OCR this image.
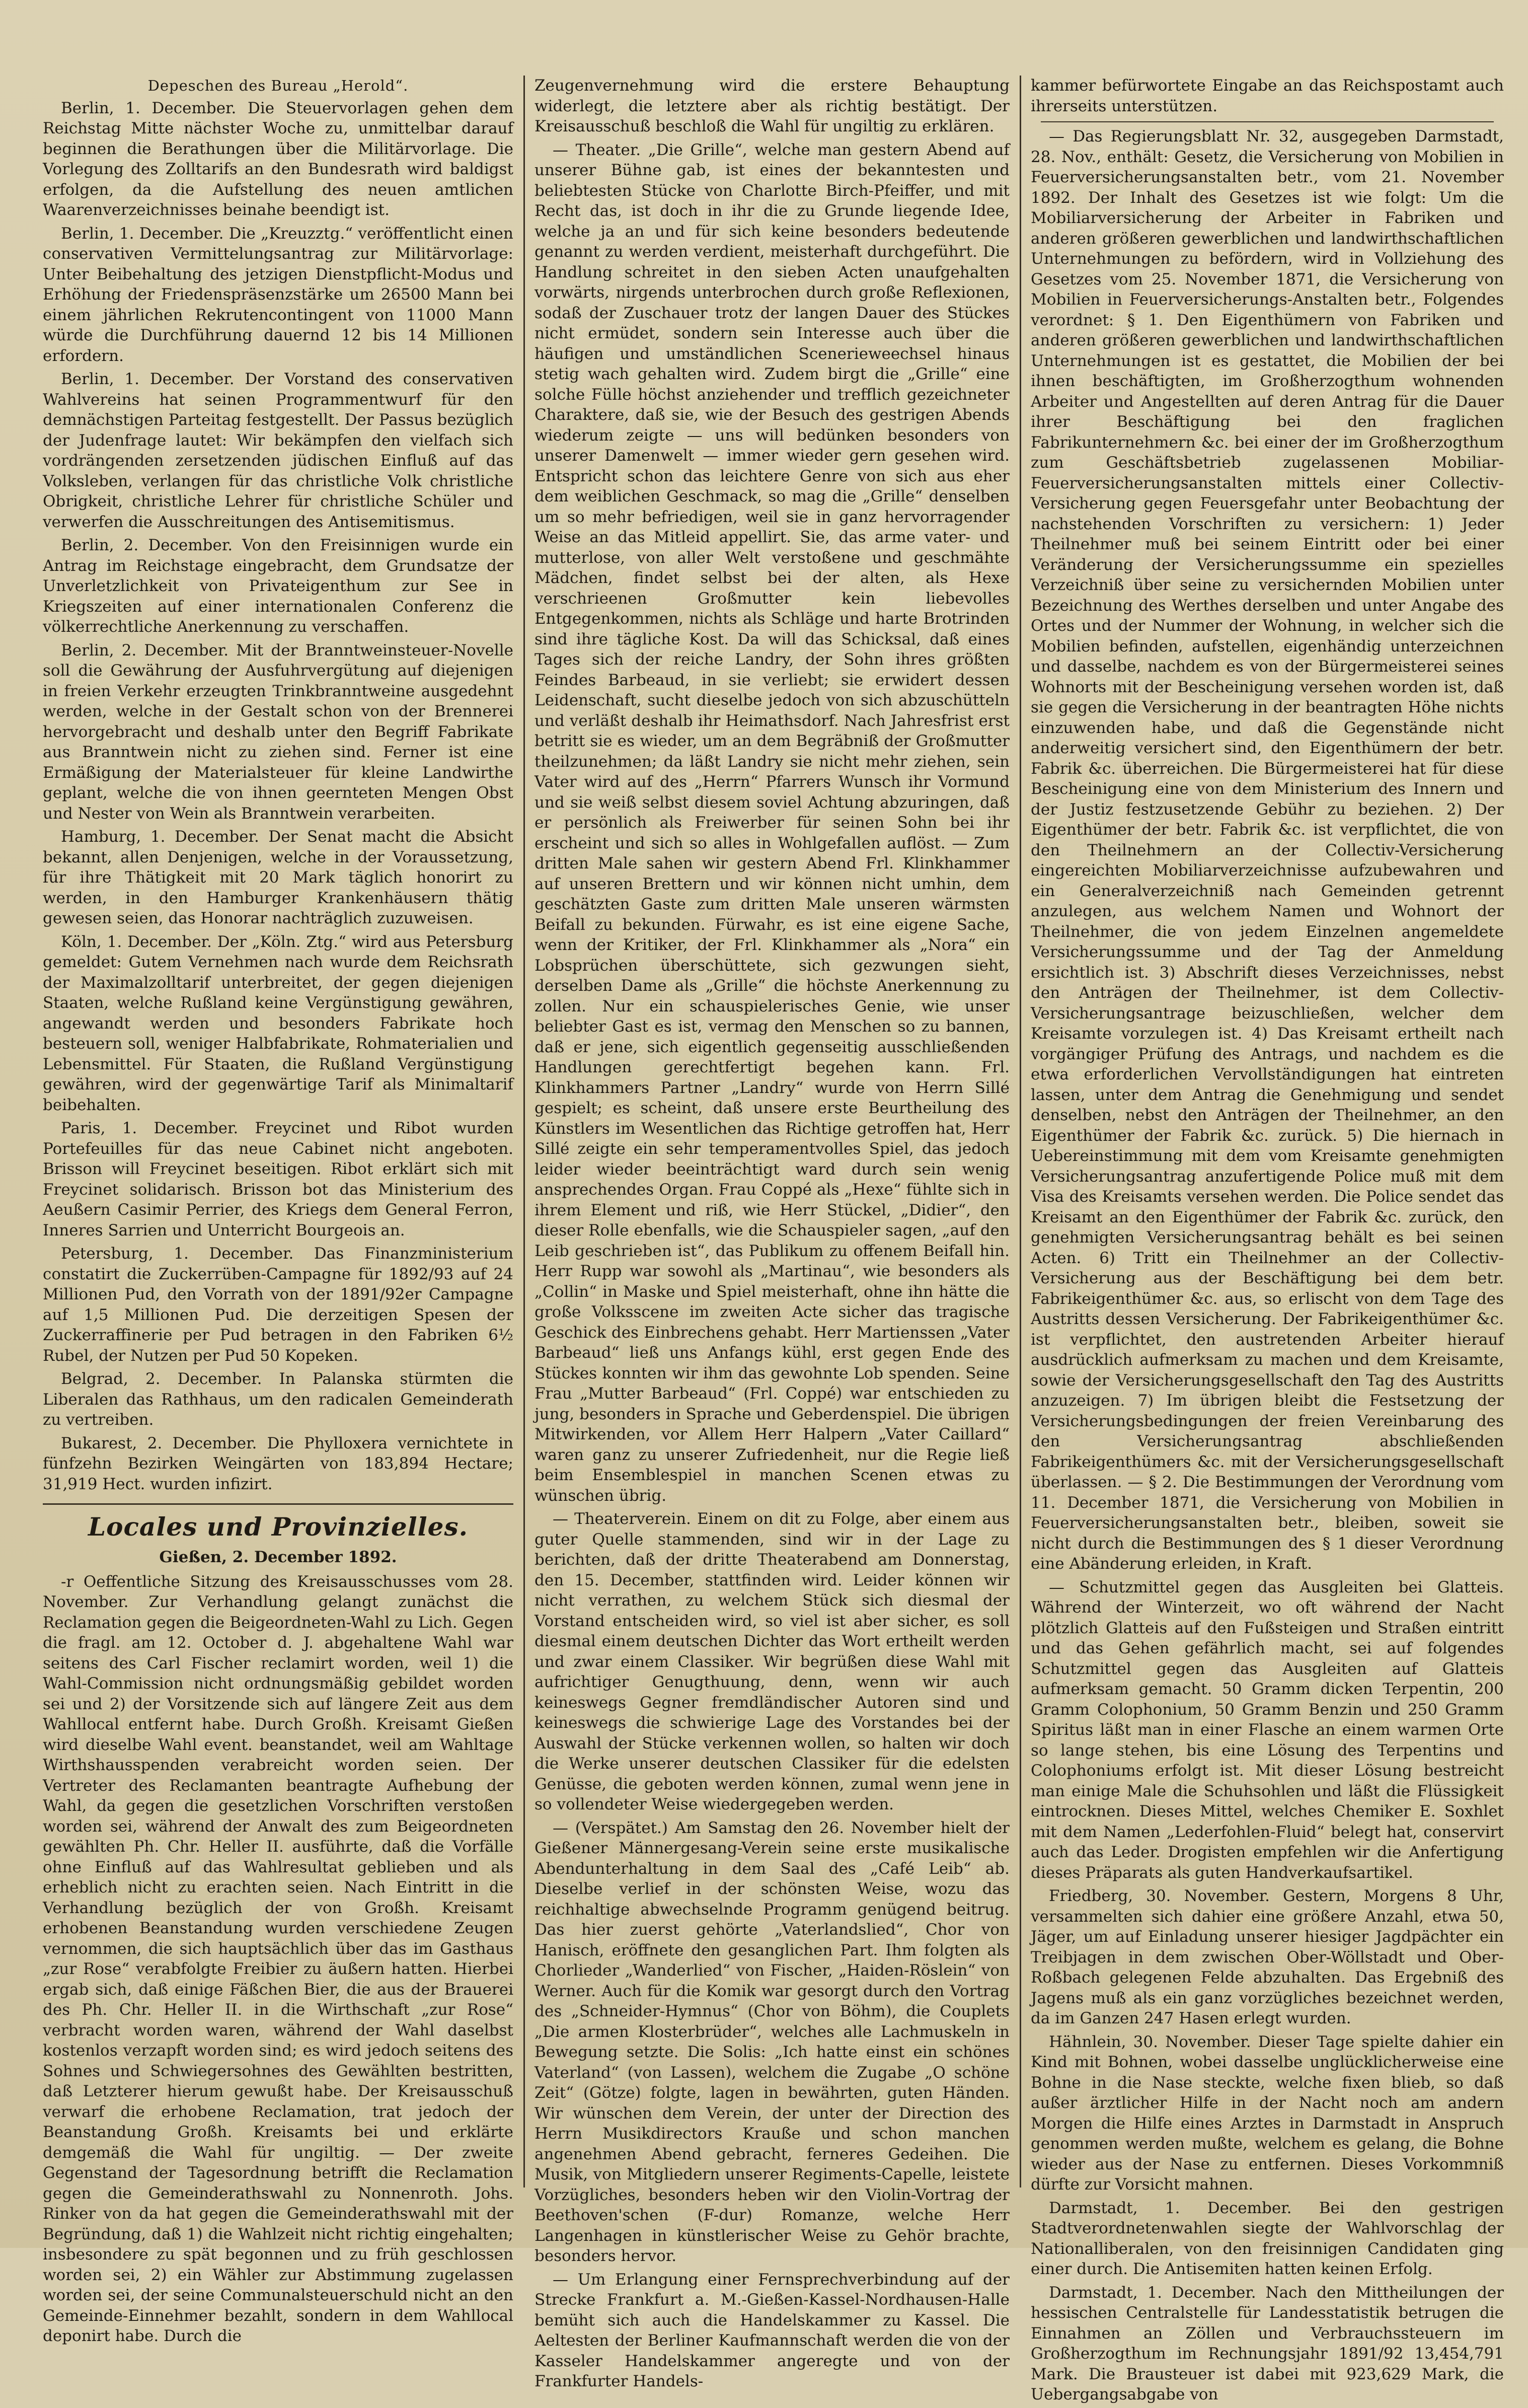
Depeschen des Bureau „Herold“.

Berlin, 1. December. Die Steuervorlagen gehen dem Reichstag Mitte nächster Woche zu, unmittelbar darauf beginnen die Berathungen über die Militärvorlage. Die Vorlegung des Zolltarifs an den Bundesrath wird baldigst erfolgen, da die Aufstellung des neuen amtlichen Waarenverzeichnisses beinahe beendigt ist.

Berlin, 1. December. Die „Kreuzztg.“ veröffentlicht einen conservativen Vermittelungsantrag zur Militärvorlage: Unter Beibehaltung des jetzigen Dienstpflicht-Modus und Erhöhung der Friedenspräsenzstärke um 26500 Mann bei einem jährlichen Rekrutencontingent von 11000 Mann würde die Durchführung dauernd 12 bis 14 Millionen erfordern.

Berlin, 1. December. Der Vorstand des conservativen Wahlvereins hat seinen Programmentwurf für den demnächstigen Parteitag festgestellt. Der Passus bezüglich der Judenfrage lautet: Wir bekämpfen den vielfach sich vordrängenden zersetzenden jüdischen Einfluß auf das Volksleben, verlangen für das christliche Volk christliche Obrigkeit, christliche Lehrer für christliche Schüler und verwerfen die Ausschreitungen des Antisemitismus.

Berlin, 2. December. Von den Freisinnigen wurde ein Antrag im Reichstage eingebracht, dem Grundsatze der Unverletzlichkeit von Privateigenthum zur See in Kriegszeiten auf einer internationalen Conferenz die völkerrechtliche Anerkennung zu verschaffen.

Berlin, 2. December. Mit der Branntweinsteuer-Novelle soll die Gewährung der Ausfuhrvergütung auf diejenigen in freien Verkehr erzeugten Trinkbranntweine ausgedehnt werden, welche in der Gestalt schon von der Brennerei hervorgebracht und deshalb unter den Begriff Fabrikate aus Branntwein nicht zu ziehen sind. Ferner ist eine Ermäßigung der Materialsteuer für kleine Landwirthe geplant, welche die von ihnen geernteten Mengen Obst und Nester von Wein als Branntwein verarbeiten.

Hamburg, 1. December. Der Senat macht die Absicht bekannt, allen Denjenigen, welche in der Voraussetzung, für ihre Thätigkeit mit 20 Mark täglich honorirt zu werden, in den Hamburger Krankenhäusern thätig gewesen seien, das Honorar nachträglich zuzuweisen.

Köln, 1. December. Der „Köln. Ztg.“ wird aus Petersburg gemeldet: Gutem Vernehmen nach wurde dem Reichsrath der Maximalzolltarif unterbreitet, der gegen diejenigen Staaten, welche Rußland keine Vergünstigung gewähren, angewandt werden und besonders Fabrikate hoch besteuern soll, weniger Halbfabrikate, Rohmaterialien und Lebensmittel. Für Staaten, die Rußland Vergünstigung gewähren, wird der gegenwärtige Tarif als Minimaltarif beibehalten.

Paris, 1. December. Freycinet und Ribot wurden Portefeuilles für das neue Cabinet nicht angeboten. Brisson will Freycinet beseitigen. Ribot erklärt sich mit Freycinet solidarisch. Brisson bot das Ministerium des Aeußern Casimir Perrier, des Kriegs dem General Ferron, Inneres Sarrien und Unterricht Bourgeois an.

Petersburg, 1. December. Das Finanzministerium constatirt die Zuckerrüben-Campagne für 1892/93 auf 24 Millionen Pud, den Vorrath von der 1891/92er Campagne auf 1,5 Millionen Pud. Die derzeitigen Spesen der Zuckerraffinerie per Pud betragen in den Fabriken 6½ Rubel, der Nutzen per Pud 50 Kopeken.

Belgrad, 2. December. In Palanska stürmten die Liberalen das Rathhaus, um den radicalen Gemeinderath zu vertreiben.

Bukarest, 2. December. Die Phylloxera vernichtete in fünfzehn Bezirken Weingärten von 183,894 Hectare; 31,919 Hect. wurden infizirt.

Locales und Provinzielles.

Gießen, 2. December 1892.

-r Oeffentliche Sitzung des Kreisausschusses vom 28. November. Zur Verhandlung gelangt zunächst die Reclamation gegen die Beigeordneten-Wahl zu Lich. Gegen die fragl. am 12. October d. J. abgehaltene Wahl war seitens des Carl Fischer reclamirt worden, weil 1) die Wahl-Commission nicht ordnungsmäßig gebildet worden sei und 2) der Vorsitzende sich auf längere Zeit aus dem Wahllocal entfernt habe. Durch Großh. Kreisamt Gießen wird dieselbe Wahl event. beanstandet, weil am Wahltage Wirthshausspenden verabreicht worden seien. Der Vertreter des Reclamanten beantragte Aufhebung der Wahl, da gegen die gesetzlichen Vorschriften verstoßen worden sei, während der Anwalt des zum Beigeordneten gewählten Ph. Chr. Heller II. ausführte, daß die Vorfälle ohne Einfluß auf das Wahlresultat geblieben und als erheblich nicht zu erachten seien. Nach Eintritt in die Verhandlung bezüglich der von Großh. Kreisamt erhobenen Beanstandung wurden verschiedene Zeugen vernommen, die sich hauptsächlich über das im Gasthaus „zur Rose“ verabfolgte Freibier zu äußern hatten. Hierbei ergab sich, daß einige Fäßchen Bier, die aus der Brauerei des Ph. Chr. Heller II. in die Wirthschaft „zur Rose“ verbracht worden waren, während der Wahl daselbst kostenlos verzapft worden sind; es wird jedoch seitens des Sohnes und Schwiegersohnes des Gewählten bestritten, daß Letzterer hierum gewußt habe. Der Kreisausschuß verwarf die erhobene Reclamation, trat jedoch der Beanstandung Großh. Kreisamts bei und erklärte demgemäß die Wahl für ungiltig. — Der zweite Gegenstand der Tagesordnung betrifft die Reclamation gegen die Gemeinderathswahl zu Nonnenroth. Johs. Rinker von da hat gegen die Gemeinderathswahl mit der Begründung, daß 1) die Wahlzeit nicht richtig eingehalten; insbesondere zu spät begonnen und zu früh geschlossen worden sei, 2) ein Wähler zur Abstimmung zugelassen worden sei, der seine Communalsteuerschuld nicht an den Gemeinde-Einnehmer bezahlt, sondern in dem Wahllocal deponirt habe. Durch die

Zeugenvernehmung wird die erstere Behauptung widerlegt, die letztere aber als richtig bestätigt. Der Kreisausschuß beschloß die Wahl für ungiltig zu erklären.

— Theater. „Die Grille“, welche man gestern Abend auf unserer Bühne gab, ist eines der bekanntesten und beliebtesten Stücke von Charlotte Birch-Pfeiffer, und mit Recht das, ist doch in ihr die zu Grunde liegende Idee, welche ja an und für sich keine besonders bedeutende genannt zu werden verdient, meisterhaft durchgeführt. Die Handlung schreitet in den sieben Acten unaufgehalten vorwärts, nirgends unterbrochen durch große Reflexionen, sodaß der Zuschauer trotz der langen Dauer des Stückes nicht ermüdet, sondern sein Interesse auch über die häufigen und umständlichen Scenerieweechsel hinaus stetig wach gehalten wird. Zudem birgt die „Grille“ eine solche Fülle höchst anziehender und trefflich gezeichneter Charaktere, daß sie, wie der Besuch des gestrigen Abends wiederum zeigte — uns will bedünken besonders von unserer Damenwelt — immer wieder gern gesehen wird. Entspricht schon das leichtere Genre von sich aus eher dem weiblichen Geschmack, so mag die „Grille“ denselben um so mehr befriedigen, weil sie in ganz hervorragender Weise an das Mitleid appellirt. Sie, das arme vater- und mutterlose, von aller Welt verstoßene und geschmähte Mädchen, findet selbst bei der alten, als Hexe verschrieenen Großmutter kein liebevolles Entgegenkommen, nichts als Schläge und harte Brotrinden sind ihre tägliche Kost. Da will das Schicksal, daß eines Tages sich der reiche Landry, der Sohn ihres größten Feindes Barbeaud, in sie verliebt; sie erwidert dessen Leidenschaft, sucht dieselbe jedoch von sich abzuschütteln und verläßt deshalb ihr Heimathsdorf. Nach Jahresfrist erst betritt sie es wieder, um an dem Begräbniß der Großmutter theilzunehmen; da läßt Landry sie nicht mehr ziehen, sein Vater wird auf des „Herrn“ Pfarrers Wunsch ihr Vormund und sie weiß selbst diesem soviel Achtung abzuringen, daß er persönlich als Freiwerber für seinen Sohn bei ihr erscheint und sich so alles in Wohlgefallen auflöst. — Zum dritten Male sahen wir gestern Abend Frl. Klinkhammer auf unseren Brettern und wir können nicht umhin, dem geschätzten Gaste zum dritten Male unseren wärmsten Beifall zu bekunden. Fürwahr, es ist eine eigene Sache, wenn der Kritiker, der Frl. Klinkhammer als „Nora“ ein Lobsprüchen überschüttete, sich gezwungen sieht, derselben Dame als „Grille“ die höchste Anerkennung zu zollen. Nur ein schauspielerisches Genie, wie unser beliebter Gast es ist, vermag den Menschen so zu bannen, daß er jene, sich eigentlich gegenseitig ausschließenden Handlungen gerechtfertigt begehen kann. Frl. Klinkhammers Partner „Landry“ wurde von Herrn Sillé gespielt; es scheint, daß unsere erste Beurtheilung des Künstlers im Wesentlichen das Richtige getroffen hat, Herr Sillé zeigte ein sehr temperamentvolles Spiel, das jedoch leider wieder beeinträchtigt ward durch sein wenig ansprechendes Organ. Frau Coppé als „Hexe“ fühlte sich in ihrem Element und riß, wie Herr Stückel, „Didier“, den dieser Rolle ebenfalls, wie die Schauspieler sagen, „auf den Leib geschrieben ist“, das Publikum zu offenem Beifall hin. Herr Rupp war sowohl als „Martinau“, wie besonders als „Collin“ in Maske und Spiel meisterhaft, ohne ihn hätte die große Volksscene im zweiten Acte sicher das tragische Geschick des Einbrechens gehabt. Herr Martienssen „Vater Barbeaud“ ließ uns Anfangs kühl, erst gegen Ende des Stückes konnten wir ihm das gewohnte Lob spenden. Seine Frau „Mutter Barbeaud“ (Frl. Coppé) war entschieden zu jung, besonders in Sprache und Geberdenspiel. Die übrigen Mitwirkenden, vor Allem Herr Halpern „Vater Caillard“ waren ganz zu unserer Zufriedenheit, nur die Regie ließ beim Ensemblespiel in manchen Scenen etwas zu wünschen übrig.

— Theaterverein. Einem on dit zu Folge, aber einem aus guter Quelle stammenden, sind wir in der Lage zu berichten, daß der dritte Theaterabend am Donnerstag, den 15. December, stattfinden wird. Leider können wir nicht verrathen, zu welchem Stück sich diesmal der Vorstand entscheiden wird, so viel ist aber sicher, es soll diesmal einem deutschen Dichter das Wort ertheilt werden und zwar einem Classiker. Wir begrüßen diese Wahl mit aufrichtiger Genugthuung, denn, wenn wir auch keineswegs Gegner fremdländischer Autoren sind und keineswegs die schwierige Lage des Vorstandes bei der Auswahl der Stücke verkennen wollen, so halten wir doch die Werke unserer deutschen Classiker für die edelsten Genüsse, die geboten werden können, zumal wenn jene in so vollendeter Weise wiedergegeben werden.

— (Verspätet.) Am Samstag den 26. November hielt der Gießener Männergesang-Verein seine erste musikalische Abendunterhaltung in dem Saal des „Café Leib“ ab. Dieselbe verlief in der schönsten Weise, wozu das reichhaltige abwechselnde Programm genügend beitrug. Das hier zuerst gehörte „Vaterlandslied“, Chor von Hanisch, eröffnete den gesanglichen Part. Ihm folgten als Chorlieder „Wanderlied“ von Fischer, „Haiden-Röslein“ von Werner. Auch für die Komik war gesorgt durch den Vortrag des „Schneider-Hymnus“ (Chor von Böhm), die Couplets „Die armen Klosterbrüder“, welches alle Lachmuskeln in Bewegung setzte. Die Solis: „Ich hatte einst ein schönes Vaterland“ (von Lassen), welchem die Zugabe „O schöne Zeit“ (Götze) folgte, lagen in bewährten, guten Händen. Wir wünschen dem Verein, der unter der Direction des Herrn Musikdirectors Krauße und schon manchen angenehmen Abend gebracht, ferneres Gedeihen. Die Musik, von Mitgliedern unserer Regiments-Capelle, leistete Vorzügliches, besonders heben wir den Violin-Vortrag der Beethoven'schen (F-dur) Romanze, welche Herr Langenhagen in künstlerischer Weise zu Gehör brachte, besonders hervor.

— Um Erlangung einer Fernsprechverbindung auf der Strecke Frankfurt a. M.-Gießen-Kassel-Nordhausen-Halle bemüht sich auch die Handelskammer zu Kassel. Die Aeltesten der Berliner Kaufmannschaft werden die von der Kasseler Handelskammer angeregte und von der Frankfurter Handels-

kammer befürwortete Eingabe an das Reichspostamt auch ihrerseits unterstützen.

— Das Regierungsblatt Nr. 32, ausgegeben Darmstadt, 28. Nov., enthält: Gesetz, die Versicherung von Mobilien in Feuerversicherungsanstalten betr., vom 21. November 1892. Der Inhalt des Gesetzes ist wie folgt: Um die Mobiliarversicherung der Arbeiter in Fabriken und anderen größeren gewerblichen und landwirthschaftlichen Unternehmungen zu befördern, wird in Vollziehung des Gesetzes vom 25. November 1871, die Versicherung von Mobilien in Feuerversicherungs-Anstalten betr., Folgendes verordnet: § 1. Den Eigenthümern von Fabriken und anderen größeren gewerblichen und landwirthschaftlichen Unternehmungen ist es gestattet, die Mobilien der bei ihnen beschäftigten, im Großherzogthum wohnenden Arbeiter und Angestellten auf deren Antrag für die Dauer ihrer Beschäftigung bei den fraglichen Fabrikunternehmern &c. bei einer der im Großherzogthum zum Geschäftsbetrieb zugelassenen Mobiliar-Feuerversicherungsanstalten mittels einer Collectiv-Versicherung gegen Feuersgefahr unter Beobachtung der nachstehenden Vorschriften zu versichern: 1) Jeder Theilnehmer muß bei seinem Eintritt oder bei einer Veränderung der Versicherungssumme ein spezielles Verzeichniß über seine zu versichernden Mobilien unter Bezeichnung des Werthes derselben und unter Angabe des Ortes und der Nummer der Wohnung, in welcher sich die Mobilien befinden, aufstellen, eigenhändig unterzeichnen und dasselbe, nachdem es von der Bürgermeisterei seines Wohnorts mit der Bescheinigung versehen worden ist, daß sie gegen die Versicherung in der beantragten Höhe nichts einzuwenden habe, und daß die Gegenstände nicht anderweitig versichert sind, den Eigenthümern der betr. Fabrik &c. überreichen. Die Bürgermeisterei hat für diese Bescheinigung eine von dem Ministerium des Innern und der Justiz festzusetzende Gebühr zu beziehen. 2) Der Eigenthümer der betr. Fabrik &c. ist verpflichtet, die von den Theilnehmern an der Collectiv-Versicherung eingereichten Mobiliarverzeichnisse aufzubewahren und ein Generalverzeichniß nach Gemeinden getrennt anzulegen, aus welchem Namen und Wohnort der Theilnehmer, die von jedem Einzelnen angemeldete Versicherungssumme und der Tag der Anmeldung ersichtlich ist. 3) Abschrift dieses Verzeichnisses, nebst den Anträgen der Theilnehmer, ist dem Collectiv-Versicherungsantrage beizuschließen, welcher dem Kreisamte vorzulegen ist. 4) Das Kreisamt ertheilt nach vorgängiger Prüfung des Antrags, und nachdem es die etwa erforderlichen Vervollständigungen hat eintreten lassen, unter dem Antrag die Genehmigung und sendet denselben, nebst den Anträgen der Theilnehmer, an den Eigenthümer der Fabrik &c. zurück. 5) Die hiernach in Uebereinstimmung mit dem vom Kreisamte genehmigten Versicherungsantrag anzufertigende Police muß mit dem Visa des Kreisamts versehen werden. Die Police sendet das Kreisamt an den Eigenthümer der Fabrik &c. zurück, den genehmigten Versicherungsantrag behält es bei seinen Acten. 6) Tritt ein Theilnehmer an der Collectiv-Versicherung aus der Beschäftigung bei dem betr. Fabrikeigenthümer &c. aus, so erlischt von dem Tage des Austritts dessen Versicherung. Der Fabrikeigenthümer &c. ist verpflichtet, den austretenden Arbeiter hierauf ausdrücklich aufmerksam zu machen und dem Kreisamte, sowie der Versicherungsgesellschaft den Tag des Austritts anzuzeigen. 7) Im übrigen bleibt die Festsetzung der Versicherungsbedingungen der freien Vereinbarung des den Versicherungsantrag abschließenden Fabrikeigenthümers &c. mit der Versicherungsgesellschaft überlassen. — § 2. Die Bestimmungen der Verordnung vom 11. December 1871, die Versicherung von Mobilien in Feuerversicherungsanstalten betr., bleiben, soweit sie nicht durch die Bestimmungen des § 1 dieser Verordnung eine Abänderung erleiden, in Kraft.

— Schutzmittel gegen das Ausgleiten bei Glatteis. Während der Winterzeit, wo oft während der Nacht plötzlich Glatteis auf den Fußsteigen und Straßen eintritt und das Gehen gefährlich macht, sei auf folgendes Schutzmittel gegen das Ausgleiten auf Glatteis aufmerksam gemacht. 50 Gramm dicken Terpentin, 200 Gramm Colophonium, 50 Gramm Benzin und 250 Gramm Spiritus läßt man in einer Flasche an einem warmen Orte so lange stehen, bis eine Lösung des Terpentins und Colophoniums erfolgt ist. Mit dieser Lösung bestreicht man einige Male die Schuhsohlen und läßt die Flüssigkeit eintrocknen. Dieses Mittel, welches Chemiker E. Soxhlet mit dem Namen „Lederfohlen-Fluid“ belegt hat, conservirt auch das Leder. Drogisten empfehlen wir die Anfertigung dieses Präparats als guten Handverkaufsartikel.

Friedberg, 30. November. Gestern, Morgens 8 Uhr, versammelten sich dahier eine größere Anzahl, etwa 50, Jäger, um auf Einladung unserer hiesiger Jagdpächter ein Treibjagen in dem zwischen Ober-Wöllstadt und Ober-Roßbach gelegenen Felde abzuhalten. Das Ergebniß des Jagens muß als ein ganz vorzügliches bezeichnet werden, da im Ganzen 247 Hasen erlegt wurden.

Hähnlein, 30. November. Dieser Tage spielte dahier ein Kind mit Bohnen, wobei dasselbe unglücklicherweise eine Bohne in die Nase steckte, welche fixen blieb, so daß außer ärztlicher Hilfe in der Nacht noch am andern Morgen die Hilfe eines Arztes in Darmstadt in Anspruch genommen werden mußte, welchem es gelang, die Bohne wieder aus der Nase zu entfernen. Dieses Vorkommniß dürfte zur Vorsicht mahnen.

Darmstadt, 1. December. Bei den gestrigen Stadtverordnetenwahlen siegte der Wahlvorschlag der Nationalliberalen, von den freisinnigen Candidaten ging einer durch. Die Antisemiten hatten keinen Erfolg.

Darmstadt, 1. December. Nach den Mittheilungen der hessischen Centralstelle für Landesstatistik betrugen die Einnahmen an Zöllen und Verbrauchssteuern im Großherzogthum im Rechnungsjahr 1891/92 13,454,791 Mark. Die Brausteuer ist dabei mit 923,629 Mark, die Uebergangsabgabe von
